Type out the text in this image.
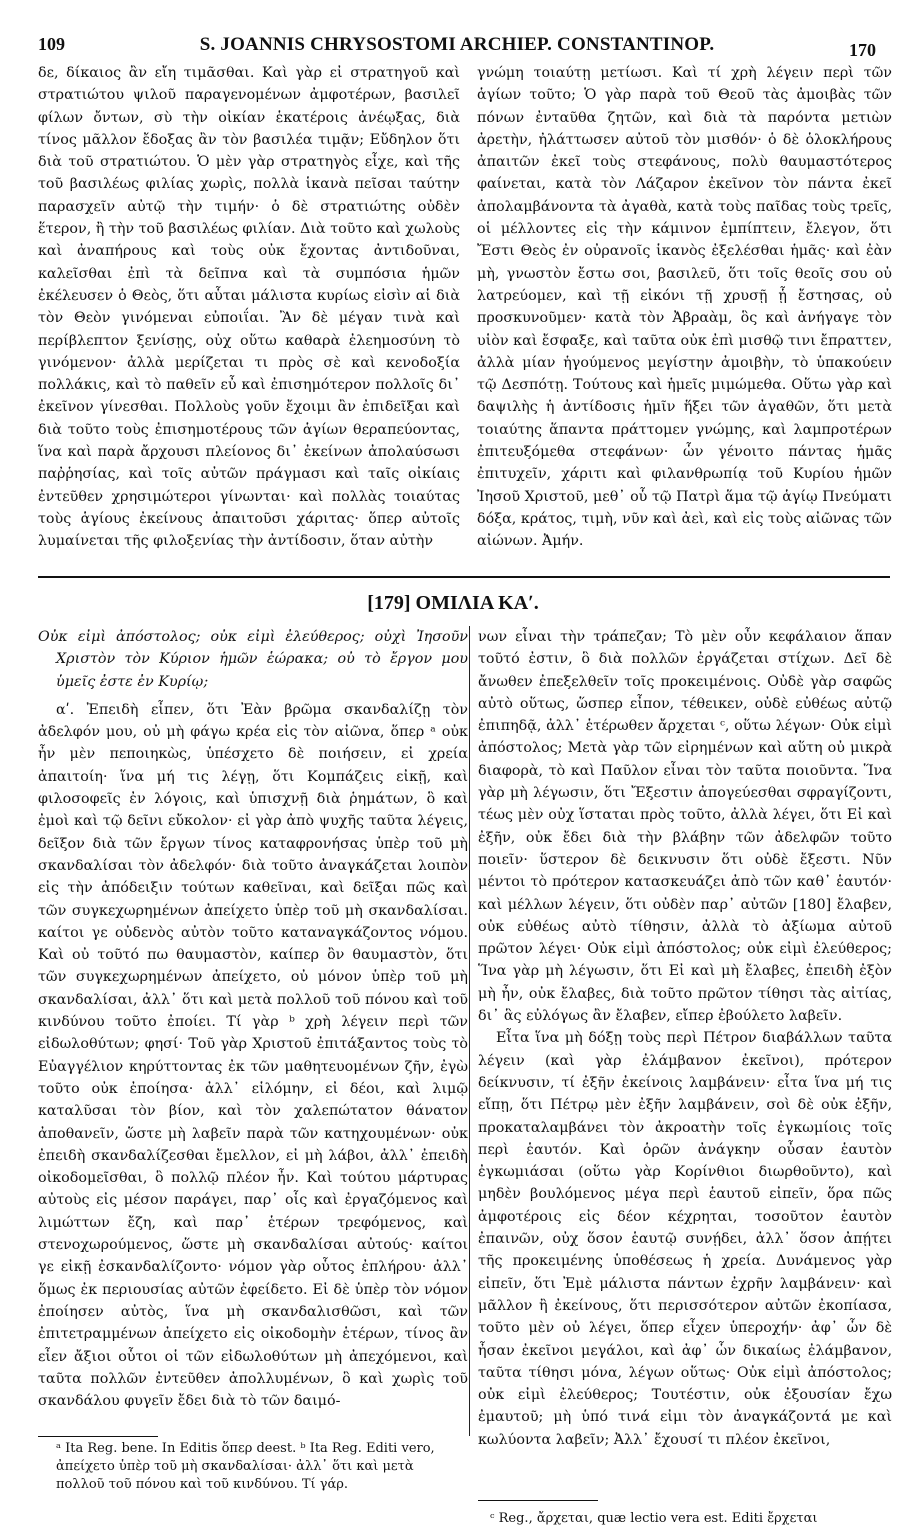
109	S. JOANNIS CHRYSOSTOMI ARCHIEP. CONSTANTINOP.	170

δε, δίκαιος ἂν εἴη τιμᾶσθαι. Καὶ γὰρ εἰ στρατηγοῦ καὶ στρατιώτου ψιλοῦ παραγενομένων ἀμφοτέρων, βασιλεῖ φίλων ὄντων, σὺ τὴν οἰκίαν ἑκατέροις ἀνέῳξας, διὰ τίνος μᾶλλον ἔδοξας ἂν τὸν βασιλέα τιμᾷν; Εὔδηλον ὅτι διὰ τοῦ στρατιώτου. Ὁ μὲν γὰρ στρατηγὸς εἶχε, καὶ τῆς τοῦ βασιλέως φιλίας χωρὶς, πολλὰ ἱκανὰ πεῖσαι ταύτην παρασχεῖν αὐτῷ τὴν τιμήν· ὁ δὲ στρατιώτης οὐδὲν ἕτερον, ἢ τὴν τοῦ βασιλέως φιλίαν. Διὰ τοῦτο καὶ χωλοὺς καὶ ἀναπήρους καὶ τοὺς οὐκ ἔχοντας ἀντιδοῦναι, καλεῖσθαι ἐπὶ τὰ δεῖπνα καὶ τὰ συμπόσια ἡμῶν ἐκέλευσεν ὁ Θεὸς, ὅτι αὗται μάλιστα κυρίως εἰσὶν αἱ διὰ τὸν Θεὸν γινόμεναι εὐποιΐαι. Ἂν δὲ μέγαν τινὰ καὶ περίβλεπτον ξενίσῃς, οὐχ οὕτω καθαρὰ ἐλεημοσύνη τὸ γινόμενον· ἀλλὰ μερίζεται τι πρὸς σὲ καὶ κενοδοξία πολλάκις, καὶ τὸ παθεῖν εὖ καὶ ἐπισημότερον πολλοῖς δι᾽ ἐκεῖνον γίνεσθαι. Πολλοὺς γοῦν ἔχοιμι ἂν ἐπιδεῖξαι καὶ διὰ τοῦτο τοὺς ἐπισημοτέρους τῶν ἁγίων θεραπεύοντας, ἵνα καὶ παρὰ ἄρχουσι πλείονος δι᾽ ἐκείνων ἀπολαύσωσι παῤῥησίας, καὶ τοῖς αὐτῶν πράγμασι καὶ ταῖς οἰκίαις ἐντεῦθεν χρησιμώτεροι γίνωνται· καὶ πολλὰς τοιαύτας τοὺς ἁγίους ἐκείνους ἀπαιτοῦσι χάριτας· ὅπερ αὐτοῖς λυμαίνεται τῆς φιλοξενίας τὴν ἀντίδοσιν, ὅταν αὐτὴν

γνώμη τοιαύτῃ μετίωσι. Καὶ τί χρὴ λέγειν περὶ τῶν ἁγίων τοῦτο; Ὁ γὰρ παρὰ τοῦ Θεοῦ τὰς ἀμοιβὰς τῶν πόνων ἐνταῦθα ζητῶν, καὶ διὰ τὰ παρόντα μετιὼν ἀρετὴν, ἠλάττωσεν αὐτοῦ τὸν μισθόν· ὁ δὲ ὁλοκλήρους ἀπαιτῶν ἐκεῖ τοὺς στεφάνους, πολὺ θαυμαστότερος φαίνεται, κατὰ τὸν Λάζαρον ἐκεῖνον τὸν πάντα ἐκεῖ ἀπολαμβάνοντα τὰ ἀγαθὰ, κατὰ τοὺς παῖδας τοὺς τρεῖς, οἱ μέλλοντες εἰς τὴν κάμινον ἐμπίπτειν, ἔλεγον, ὅτι Ἔστι Θεὸς ἐν οὐρανοῖς ἱκανὸς ἐξελέσθαι ἡμᾶς· καὶ ἐὰν μὴ, γνωστὸν ἔστω σοι, βασιλεῦ, ὅτι τοῖς θεοῖς σου οὐ λατρεύομεν, καὶ τῇ εἰκόνι τῇ χρυσῇ ᾗ ἔστησας, οὐ προσκυνοῦμεν· κατὰ τὸν Ἀβραὰμ, ὃς καὶ ἀνήγαγε τὸν υἱὸν καὶ ἔσφαξε, καὶ ταῦτα οὐκ ἐπὶ μισθῷ τινι ἔπραττεν, ἀλλὰ μίαν ἡγούμενος μεγίστην ἀμοιβὴν, τὸ ὑπακούειν τῷ Δεσπότῃ. Τούτους καὶ ἡμεῖς μιμώμεθα. Οὕτω γὰρ καὶ δαψιλὴς ἡ ἀντίδοσις ἡμῖν ἥξει τῶν ἀγαθῶν, ὅτι μετὰ τοιαύτης ἅπαντα πράττομεν γνώμης, καὶ λαμπροτέρων ἐπιτευξόμεθα στεφάνων· ὧν γένοιτο πάντας ἡμᾶς ἐπιτυχεῖν, χάριτι καὶ φιλανθρωπίᾳ τοῦ Κυρίου ἡμῶν Ἰησοῦ Χριστοῦ, μεθ᾽ οὗ τῷ Πατρὶ ἅμα τῷ ἁγίῳ Πνεύματι δόξα, κράτος, τιμὴ, νῦν καὶ ἀεὶ, καὶ εἰς τοὺς αἰῶνας τῶν αἰώνων. Ἀμήν.

[179] ΟΜΙΛΙΑ ΚΑʹ.

Οὐκ εἰμὶ ἀπόστολος; οὐκ εἰμὶ ἐλεύθερος; οὐχὶ Ἰησοῦν Χριστὸν τὸν Κύριον ἡμῶν ἑώρακα; οὐ τὸ ἔργον μου ὑμεῖς ἐστε ἐν Κυρίῳ;

αʹ. Ἐπειδὴ εἶπεν, ὅτι Ἐὰν βρῶμα σκανδαλίζῃ τὸν ἀδελφόν μου, οὐ μὴ φάγω κρέα εἰς τὸν αἰῶνα, ὅπερ ᵃ οὐκ ἦν μὲν πεποιηκὼς, ὑπέσχετο δὲ ποιήσειν, εἰ χρεία ἀπαιτοίη· ἵνα μή τις λέγῃ, ὅτι Κομπάζεις εἰκῇ, καὶ φιλοσοφεῖς ἐν λόγοις, καὶ ὑπισχνῇ διὰ ῥημάτων, ὃ καὶ ἐμοὶ καὶ τῷ δεῖνι εὔκολον· εἰ γὰρ ἀπὸ ψυχῆς ταῦτα λέγεις, δεῖξον διὰ τῶν ἔργων τίνος καταφρονήσας ὑπὲρ τοῦ μὴ σκανδαλίσαι τὸν ἀδελφόν· διὰ τοῦτο ἀναγκάζεται λοιπὸν εἰς τὴν ἀπόδειξιν τούτων καθεῖναι, καὶ δεῖξαι πῶς καὶ τῶν συγκεχωρημένων ἀπείχετο ὑπὲρ τοῦ μὴ σκανδαλίσαι. καίτοι γε οὐδενὸς αὐτὸν τοῦτο καταναγκάζοντος νόμου. Καὶ οὐ τοῦτό πω θαυμαστὸν, καίπερ ὂν θαυμαστὸν, ὅτι τῶν συγκεχωρημένων ἀπείχετο, οὐ μόνον ὑπὲρ τοῦ μὴ σκανδαλίσαι, ἀλλ᾽ ὅτι καὶ μετὰ πολλοῦ τοῦ πόνου καὶ τοῦ κινδύνου τοῦτο ἐποίει. Τί γὰρ ᵇ χρὴ λέγειν περὶ τῶν εἰδωλοθύτων; φησί· Τοῦ γὰρ Χριστοῦ ἐπιτάξαντος τοὺς τὸ Εὐαγγέλιον κηρύττοντας ἐκ τῶν μαθητευομένων ζῆν, ἐγὼ τοῦτο οὐκ ἐποίησα· ἀλλ᾽ εἱλόμην, εἰ δέοι, καὶ λιμῷ καταλῦσαι τὸν βίον, καὶ τὸν χαλεπώτατον θάνατον ἀποθανεῖν, ὥστε μὴ λαβεῖν παρὰ τῶν κατηχουμένων· οὐκ ἐπειδὴ σκανδαλίζεσθαι ἔμελλον, εἰ μὴ λάβοι, ἀλλ᾽ ἐπειδὴ οἰκοδομεῖσθαι, ὃ πολλῷ πλέον ἦν. Καὶ τούτου μάρτυρας αὐτοὺς εἰς μέσον παράγει, παρ᾽ οἷς καὶ ἐργαζόμενος καὶ λιμώττων ἔζη, καὶ παρ᾽ ἑτέρων τρεφόμενος, καὶ στενοχωρούμενος, ὥστε μὴ σκανδαλίσαι αὐτούς· καίτοι γε εἰκῇ ἐσκανδαλίζοντο· νόμον γὰρ οὗτος ἐπλήρου· ἀλλ᾽ ὅμως ἐκ περιουσίας αὐτῶν ἐφείδετο. Εἰ δὲ ὑπὲρ τὸν νόμον ἐποίησεν αὐτὸς, ἵνα μὴ σκανδαλισθῶσι, καὶ τῶν ἐπιτετραμμένων ἀπείχετο εἰς οἰκοδομὴν ἑτέρων, τίνος ἂν εἶεν ἄξιοι οὗτοι οἱ τῶν εἰδωλοθύτων μὴ ἀπεχόμενοι, καὶ ταῦτα πολλῶν ἐντεῦθεν ἀπολλυμένων, ὃ καὶ χωρὶς τοῦ σκανδάλου φυγεῖν ἔδει διὰ τὸ τῶν δαιμό-

νων εἶναι τὴν τράπεζαν; Τὸ μὲν οὖν κεφάλαιον ἅπαν τοῦτό ἐστιν, ὃ διὰ πολλῶν ἐργάζεται στίχων. Δεῖ δὲ ἄνωθεν ἐπεξελθεῖν τοῖς προκειμένοις. Οὐδὲ γὰρ σαφῶς αὐτὸ οὕτως, ὥσπερ εἶπον, τέθεικεν, οὐδὲ εὐθέως αὐτῷ ἐπιπηδᾷ, ἀλλ᾽ ἑτέρωθεν ἄρχεται ᶜ, οὕτω λέγων· Οὐκ εἰμὶ ἀπόστολος; Μετὰ γὰρ τῶν εἰρημένων καὶ αὕτη οὐ μικρὰ διαφορὰ, τὸ καὶ Παῦλον εἶναι τὸν ταῦτα ποιοῦντα. Ἵνα γὰρ μὴ λέγωσιν, ὅτι Ἔξεστιν ἀπογεύεσθαι σφραγίζοντι, τέως μὲν οὐχ ἵσταται πρὸς τοῦτο, ἀλλὰ λέγει, ὅτι Εἰ καὶ ἐξῆν, οὐκ ἔδει διὰ τὴν βλάβην τῶν ἀδελφῶν τοῦτο ποιεῖν· ὕστερον δὲ δεικνυσιν ὅτι οὐδὲ ἔξεστι. Νῦν μέντοι τὸ πρότερον κατασκευάζει ἀπὸ τῶν καθ᾽ ἑαυτόν· καὶ μέλλων λέγειν, ὅτι οὐδὲν παρ᾽ αὐτῶν [180] ἔλαβεν, οὐκ εὐθέως αὐτὸ τίθησιν, ἀλλὰ τὸ ἀξίωμα αὐτοῦ πρῶτον λέγει· Οὐκ εἰμὶ ἀπόστολος; οὐκ εἰμὶ ἐλεύθερος; Ἵνα γὰρ μὴ λέγωσιν, ὅτι Εἰ καὶ μὴ ἔλαβες, ἐπειδὴ ἐξὸν μὴ ἦν, οὐκ ἔλαβες, διὰ τοῦτο πρῶτον τίθησι τὰς αἰτίας, δι᾽ ἃς εὐλόγως ἂν ἔλαβεν, εἴπερ ἐβούλετο λαβεῖν.

Εἶτα ἵνα μὴ δόξῃ τοὺς περὶ Πέτρον διαβάλλων ταῦτα λέγειν (καὶ γὰρ ἐλάμβανον ἐκεῖνοι), πρότερον δείκνυσιν, τί ἐξῆν ἐκείνοις λαμβάνειν· εἶτα ἵνα μή τις εἴπῃ, ὅτι Πέτρῳ μὲν ἐξῆν λαμβάνειν, σοὶ δὲ οὐκ ἐξῆν, προκαταλαμβάνει τὸν ἀκροατὴν τοῖς ἐγκωμίοις τοῖς περὶ ἑαυτόν. Καὶ ὁρῶν ἀνάγκην οὖσαν ἑαυτὸν ἐγκωμιάσαι (οὕτω γὰρ Κορίνθιοι διωρθοῦντο), καὶ μηδὲν βουλόμενος μέγα περὶ ἑαυτοῦ εἰπεῖν, ὅρα πῶς ἀμφοτέροις εἰς δέον κέχρηται, τοσοῦτον ἑαυτὸν ἐπαινῶν, οὐχ ὅσον ἑαυτῷ συνῄδει, ἀλλ᾽ ὅσον ἀπῄτει τῆς προκειμένης ὑποθέσεως ἡ χρεία. Δυνάμενος γὰρ εἰπεῖν, ὅτι Ἐμὲ μάλιστα πάντων ἐχρῆν λαμβάνειν· καὶ μᾶλλον ἢ ἐκείνους, ὅτι περισσότερον αὐτῶν ἐκοπίασα, τοῦτο μὲν οὐ λέγει, ὅπερ εἶχεν ὑπεροχήν· ἀφ᾽ ὧν δὲ ἦσαν ἐκεῖνοι μεγάλοι, καὶ ἀφ᾽ ὧν δικαίως ἐλάμβανον, ταῦτα τίθησι μόνα, λέγων οὕτως· Οὐκ εἰμὶ ἀπόστολος; οὐκ εἰμὶ ἐλεύθερος; Τουτέστιν, οὐκ ἐξουσίαν ἔχω ἐμαυτοῦ; μὴ ὑπό τινά εἰμι τὸν ἀναγκάζοντά με καὶ κωλύοντα λαβεῖν; Ἀλλ᾽ ἔχουσί τι πλέον ἐκεῖνοι,

ᵃ Ita Reg. bene. In Editis ὅπερ deest. ᵇ Ita Reg. Editi vero, ἀπείχετο ὑπὲρ τοῦ μὴ σκανδαλίσαι· ἀλλ᾽ ὅτι καὶ μετὰ πολλοῦ τοῦ πόνου καὶ τοῦ κινδύνου. Τί γάρ.
ᶜ Reg., ἄρχεται, quæ lectio vera est. Editi ἔρχεται
